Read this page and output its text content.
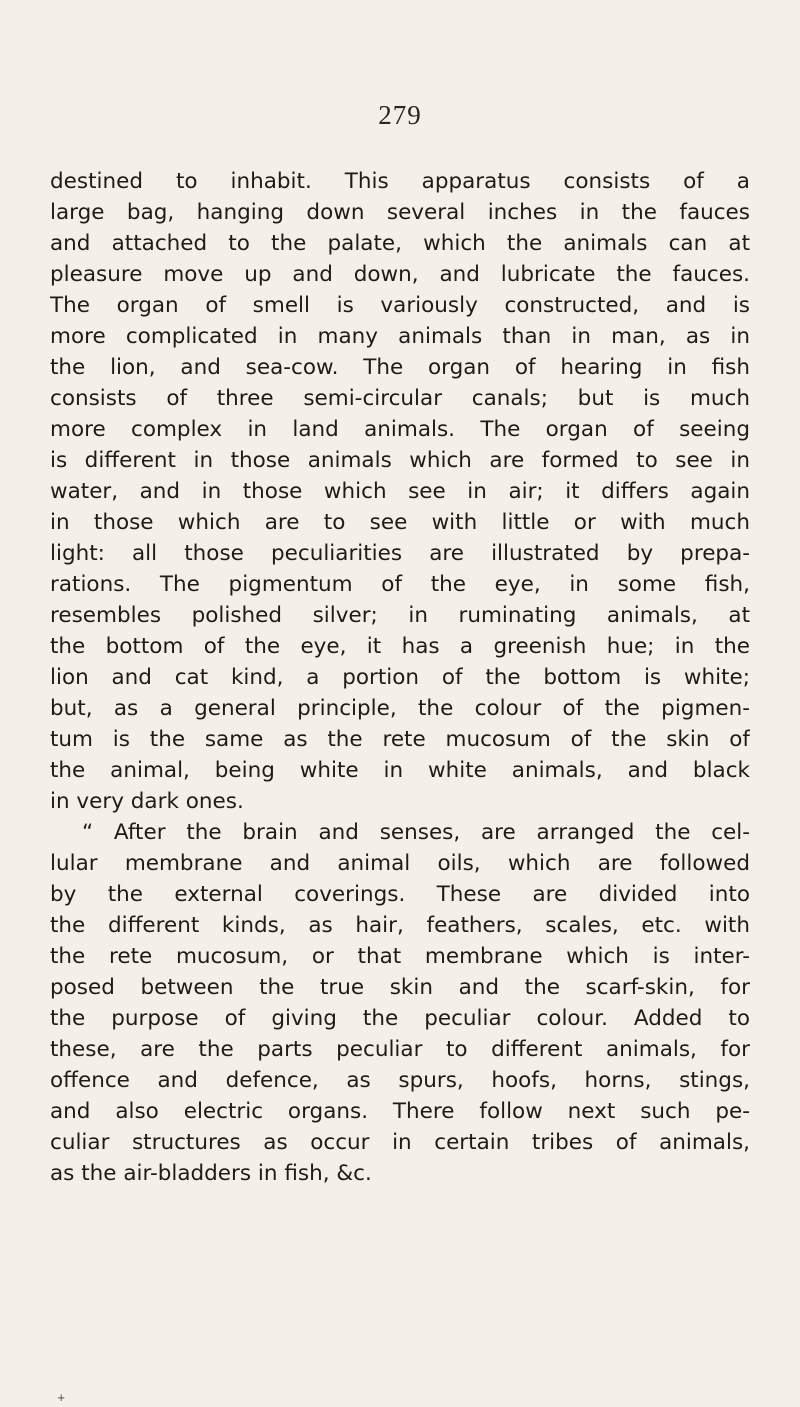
279
destined to inhabit. This apparatus consists of a
large bag, hanging down several inches in the fauces
and attached to the palate, which the animals can at
pleasure move up and down, and lubricate the fauces.
The organ of smell is variously constructed, and is
more complicated in many animals than in man, as in
the lion, and sea-cow. The organ of hearing in fish
consists of three semi-circular canals; but is much
more complex in land animals. The organ of seeing
is different in those animals which are formed to see in
water, and in those which see in air; it differs again
in those which are to see with little or with much
light: all those peculiarities are illustrated by prepa-
rations. The pigmentum of the eye, in some fish,
resembles polished silver; in ruminating animals, at
the bottom of the eye, it has a greenish hue; in the
lion and cat kind, a portion of the bottom is white;
but, as a general principle, the colour of the pigmen-
tum is the same as the rete mucosum of the skin of
the animal, being white in white animals, and black
in very dark ones.
“ After the brain and senses, are arranged the cel-
lular membrane and animal oils, which are followed
by the external coverings. These are divided into
the different kinds, as hair, feathers, scales, etc. with
the rete mucosum, or that membrane which is inter-
posed between the true skin and the scarf-skin, for
the purpose of giving the peculiar colour. Added to
these, are the parts peculiar to different animals, for
offence and defence, as spurs, hoofs, horns, stings,
and also electric organs. There follow next such pe-
culiar structures as occur in certain tribes of animals,
as the air-bladders in fish, &c.
+
